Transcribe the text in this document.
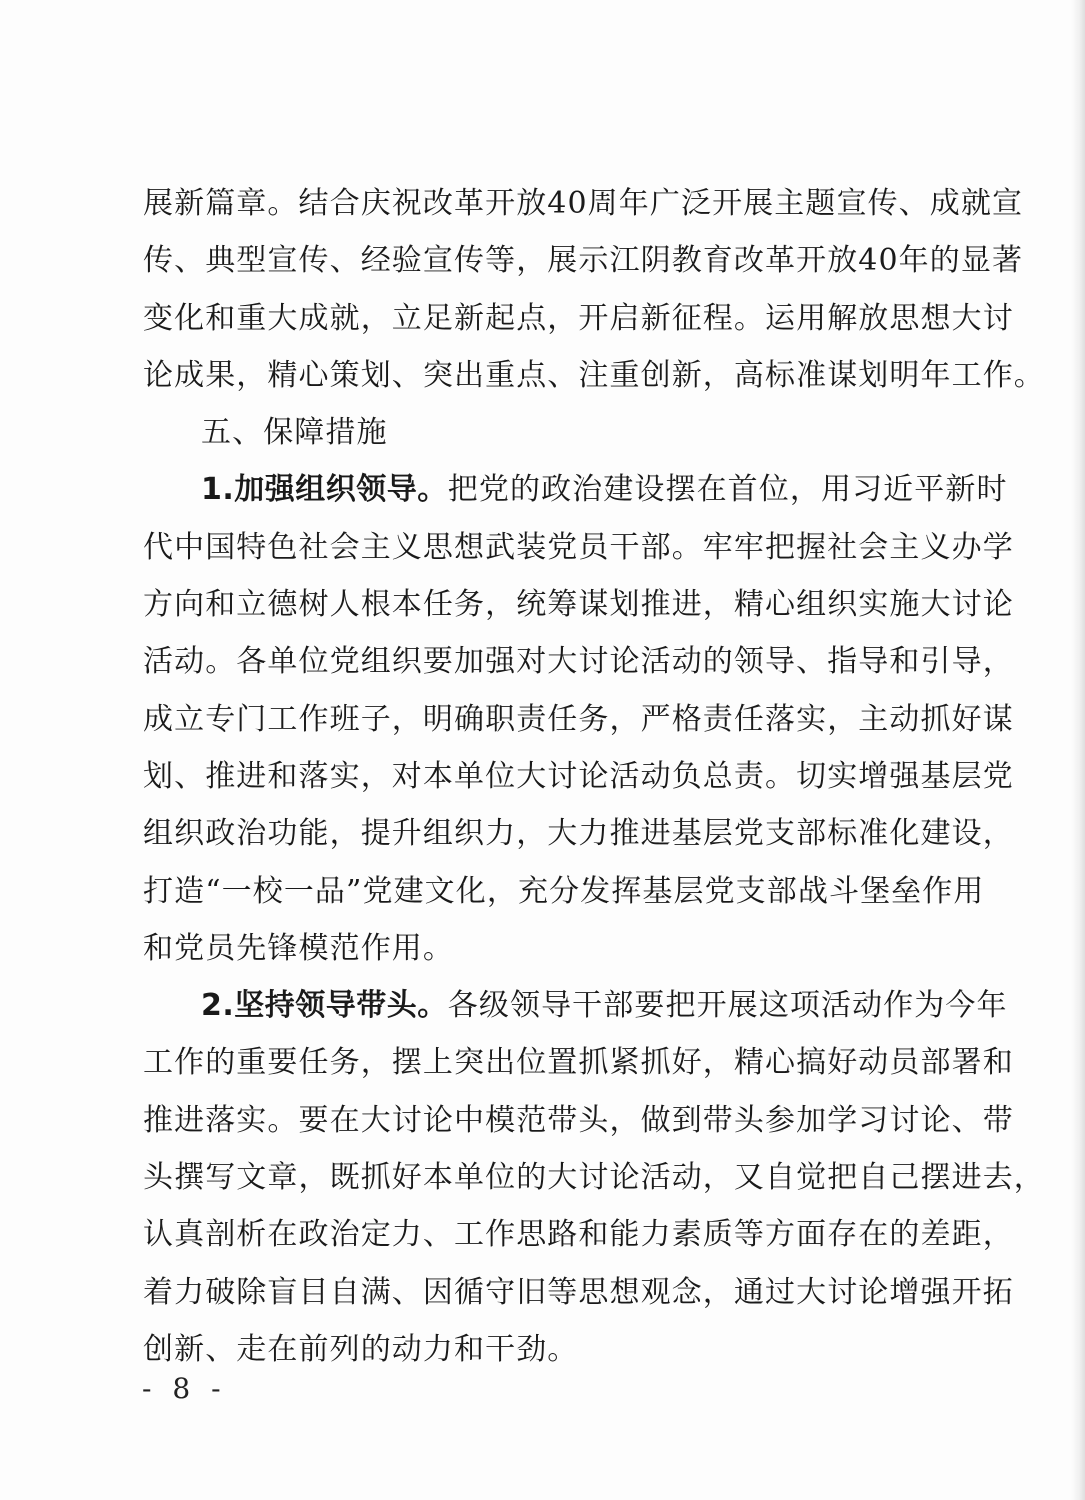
展新篇章。结合庆祝改革开放40周年广泛开展主题宣传、成就宣
传、典型宣传、经验宣传等，展示江阴教育改革开放40年的显著
变化和重大成就，立足新起点，开启新征程。运用解放思想大讨
论成果，精心策划、突出重点、注重创新，高标准谋划明年工作。
五、保障措施
1.加强组织领导。把党的政治建设摆在首位，用习近平新时
代中国特色社会主义思想武装党员干部。牢牢把握社会主义办学
方向和立德树人根本任务，统筹谋划推进，精心组织实施大讨论
活动。各单位党组织要加强对大讨论活动的领导、指导和引导，
成立专门工作班子，明确职责任务，严格责任落实，主动抓好谋
划、推进和落实，对本单位大讨论活动负总责。切实增强基层党
组织政治功能，提升组织力，大力推进基层党支部标准化建设，
打造“一校一品”党建文化，充分发挥基层党支部战斗堡垒作用
和党员先锋模范作用。
2.坚持领导带头。各级领导干部要把开展这项活动作为今年
工作的重要任务，摆上突出位置抓紧抓好，精心搞好动员部署和
推进落实。要在大讨论中模范带头，做到带头参加学习讨论、带
头撰写文章，既抓好本单位的大讨论活动，又自觉把自己摆进去，
认真剖析在政治定力、工作思路和能力素质等方面存在的差距，
着力破除盲目自满、因循守旧等思想观念，通过大讨论增强开拓
创新、走在前列的动力和干劲。
- 8 -
